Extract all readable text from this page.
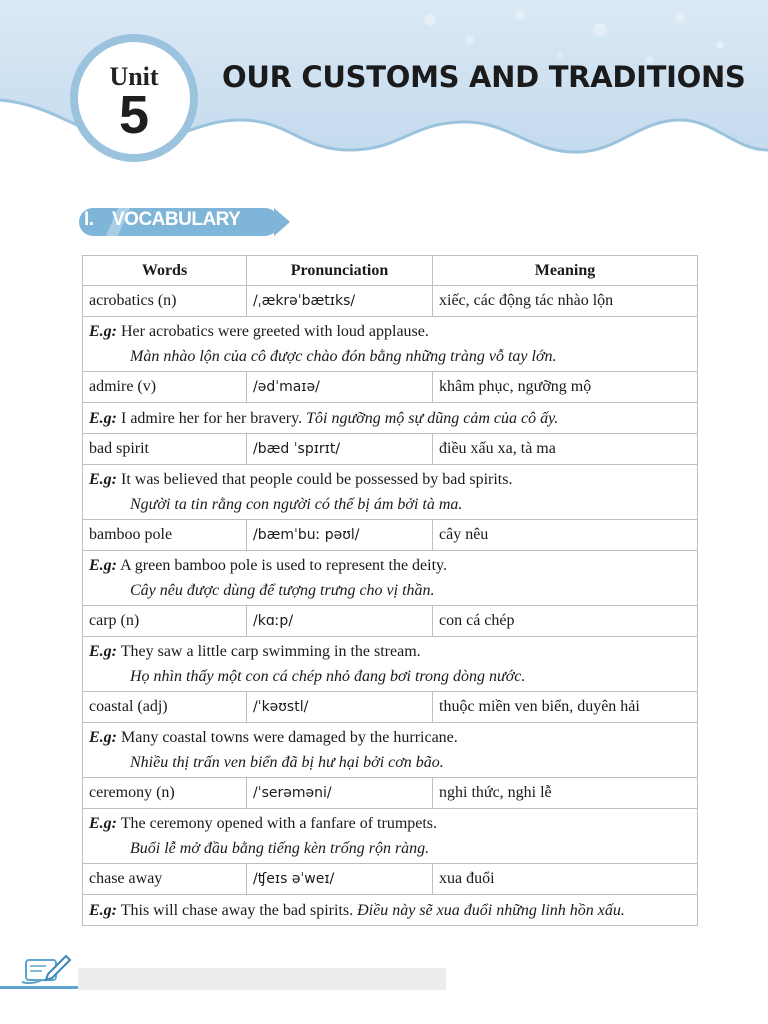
Unit
5
OUR CUSTOMS AND TRADITIONS
I. VOCABULARY
Words	Pronunciation	Meaning
acrobatics (n)	/ˌækrəˈbætɪks/	xiếc, các động tác nhào lộn

E.g: Her acrobatics were greeted with loud applause.
Màn nhào lộn của cô được chào đón bằng những tràng vỗ tay lớn.		

admire (v)	/ədˈmaɪə/	khâm phục, ngưỡng mộ
E.g: I admire her for her bravery. Tôi ngưỡng mộ sự dũng cảm của cô ấy.		
bad spirit	/bæd ˈspɪrɪt/	điều xấu xa, tà ma

E.g: It was believed that people could be possessed by bad spirits.
Người ta tin rằng con người có thể bị ám bởi tà ma.		

bamboo pole	/bæmˈbuː pəʊl/	cây nêu

E.g: A green bamboo pole is used to represent the deity.
Cây nêu được dùng để tượng trưng cho vị thần.		

carp (n)	/kɑːp/	con cá chép

E.g: They saw a little carp swimming in the stream.
Họ nhìn thấy một con cá chép nhỏ đang bơi trong dòng nước.		

coastal (adj)	/ˈkəʊstl/	thuộc miền ven biển, duyên hải

E.g: Many coastal towns were damaged by the hurricane.
Nhiều thị trấn ven biển đã bị hư hại bởi cơn bão.		

ceremony (n)	/ˈserəməni/	nghi thức, nghi lễ

E.g: The ceremony opened with a fanfare of trumpets.
Buổi lễ mở đầu bằng tiếng kèn trống rộn ràng.		

chase away	/ʧeɪs əˈweɪ/	xua đuổi
E.g: This will chase away the bad spirits. Điều này sẽ xua đuổi những linh hồn xấu.		
